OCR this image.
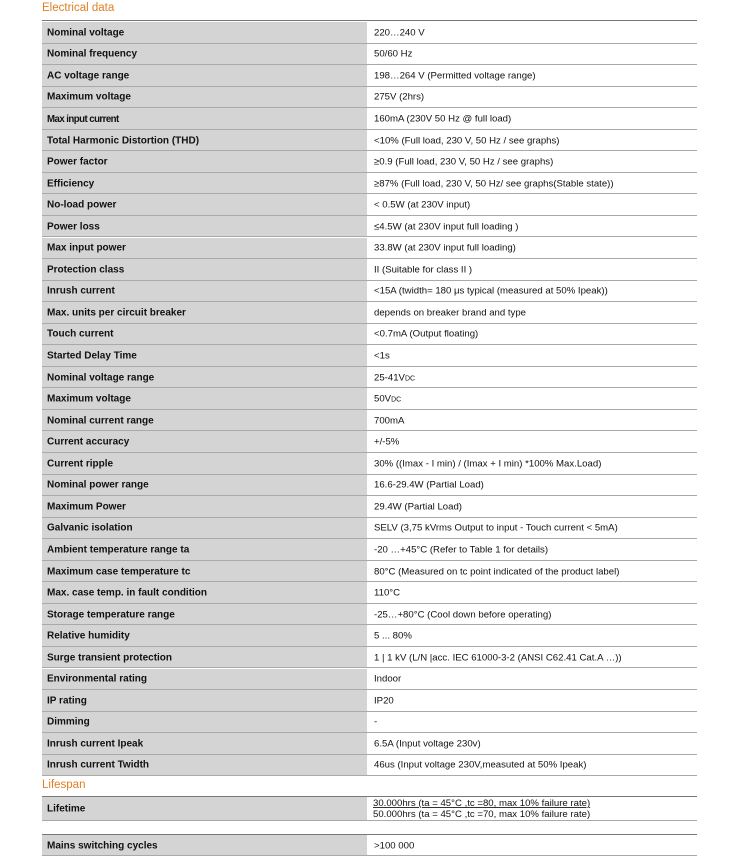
Electrical data
Nominal voltage	220…240 V
Nominal frequency	50/60 Hz
AC voltage range	198…264 V (Permitted voltage range)
Maximum voltage	275V (2hrs)
Max input current	160mA (230V 50 Hz @ full load)
Total Harmonic Distortion (THD)	<10% (Full load, 230 V, 50 Hz / see graphs)
Power factor	≥0.9 (Full load, 230 V, 50 Hz / see graphs)
Efficiency	≥87% (Full load, 230 V, 50 Hz/ see graphs(Stable state))
No-load power	< 0.5W (at 230V input)
Power loss	≤4.5W (at 230V input full loading )
Max input power	33.8W (at 230V input full loading)
Protection class	II (Suitable for class II )
Inrush current	<15A (twidth= 180 μs typical (measured at 50% Ipeak))
Max. units per circuit breaker	depends on breaker brand and type
Touch current	<0.7mA (Output floating)
Started Delay Time	<1s
Nominal voltage range	25-41VDC
Maximum voltage	50VDC
Nominal current range	700mA
Current accuracy	+/-5%
Current ripple	30% ((Imax - I min) / (Imax + I min) *100% Max.Load)
Nominal power range	16.6-29.4W (Partial Load)
Maximum Power	29.4W (Partial Load)
Galvanic isolation	SELV (3,75 kVrms Output to input - Touch current < 5mA)
Ambient temperature range ta	-20 …+45°C (Refer to Table 1 for details)
Maximum case temperature tc	80°C (Measured on tc point indicated of the product label)
Max. case temp. in fault condition	110°C
Storage temperature range	-25…+80°C (Cool down before operating)
Relative humidity	5 ... 80%
Surge transient protection	1 | 1 kV (L/N |acc. IEC 61000-3-2 (ANSI C62.41 Cat.A …))
Environmental rating	Indoor
IP rating	IP20
Dimming	-
Inrush current Ipeak	6.5A (Input voltage 230v)
Inrush current Twidth	46us (Input voltage 230V,measuted at 50% Ipeak)
Lifespan
Lifetime	30.000hrs (ta = 45°C ,tc =80, max 10% failure rate)
50.000hrs (ta = 45°C ,tc =70, max 10% failure rate)
Mains switching cycles	>100 000
